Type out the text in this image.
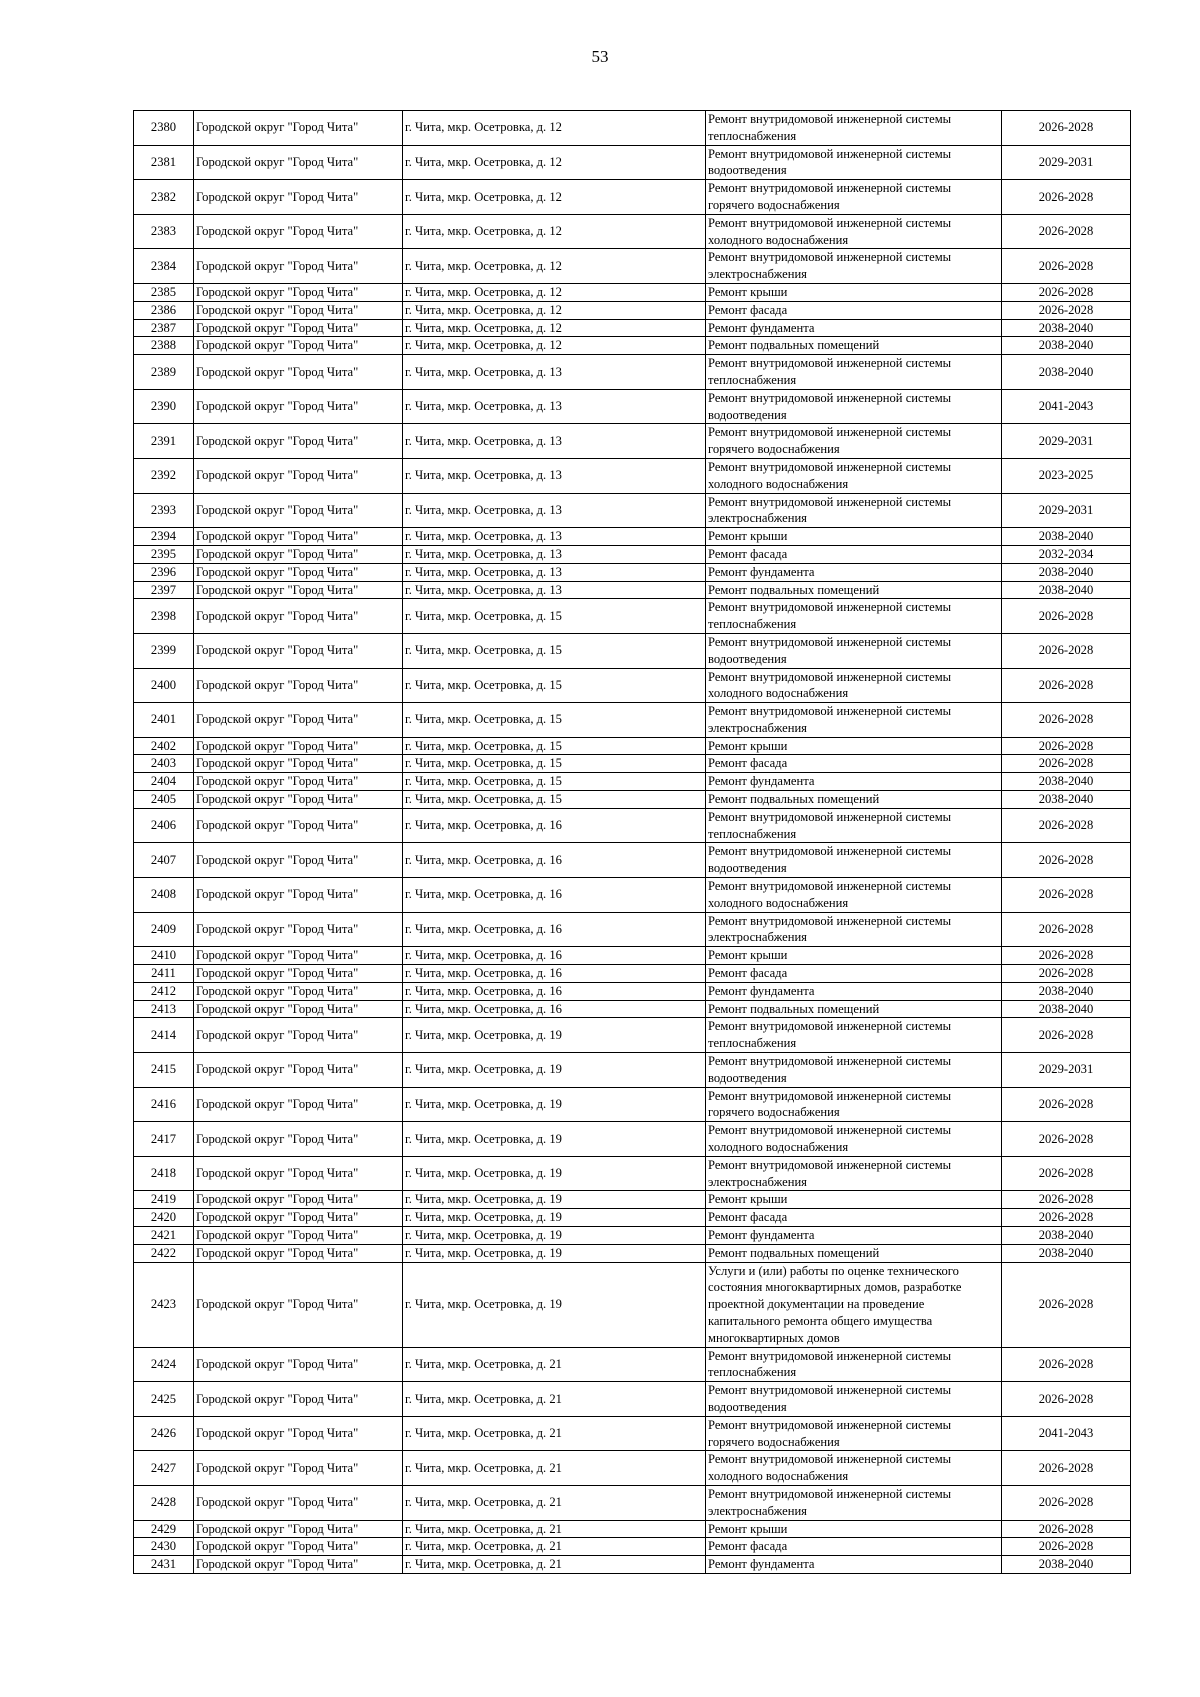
53
2380	Городской округ "Город Чита"	г. Чита, мкр. Осетровка, д. 12	Ремонт внутридомовой инженерной системы теплоснабжения	2026-2028
2381	Городской округ "Город Чита"	г. Чита, мкр. Осетровка, д. 12	Ремонт внутридомовой инженерной системы водоотведения	2029-2031
2382	Городской округ "Город Чита"	г. Чита, мкр. Осетровка, д. 12	Ремонт внутридомовой инженерной системы горячего водоснабжения	2026-2028
2383	Городской округ "Город Чита"	г. Чита, мкр. Осетровка, д. 12	Ремонт внутридомовой инженерной системы холодного водоснабжения	2026-2028
2384	Городской округ "Город Чита"	г. Чита, мкр. Осетровка, д. 12	Ремонт внутридомовой инженерной системы электроснабжения	2026-2028
2385	Городской округ "Город Чита"	г. Чита, мкр. Осетровка, д. 12	Ремонт крыши	2026-2028
2386	Городской округ "Город Чита"	г. Чита, мкр. Осетровка, д. 12	Ремонт фасада	2026-2028
2387	Городской округ "Город Чита"	г. Чита, мкр. Осетровка, д. 12	Ремонт фундамента	2038-2040
2388	Городской округ "Город Чита"	г. Чита, мкр. Осетровка, д. 12	Ремонт подвальных помещений	2038-2040
2389	Городской округ "Город Чита"	г. Чита, мкр. Осетровка, д. 13	Ремонт внутридомовой инженерной системы теплоснабжения	2038-2040
2390	Городской округ "Город Чита"	г. Чита, мкр. Осетровка, д. 13	Ремонт внутридомовой инженерной системы водоотведения	2041-2043
2391	Городской округ "Город Чита"	г. Чита, мкр. Осетровка, д. 13	Ремонт внутридомовой инженерной системы горячего водоснабжения	2029-2031
2392	Городской округ "Город Чита"	г. Чита, мкр. Осетровка, д. 13	Ремонт внутридомовой инженерной системы холодного водоснабжения	2023-2025
2393	Городской округ "Город Чита"	г. Чита, мкр. Осетровка, д. 13	Ремонт внутридомовой инженерной системы электроснабжения	2029-2031
2394	Городской округ "Город Чита"	г. Чита, мкр. Осетровка, д. 13	Ремонт крыши	2038-2040
2395	Городской округ "Город Чита"	г. Чита, мкр. Осетровка, д. 13	Ремонт фасада	2032-2034
2396	Городской округ "Город Чита"	г. Чита, мкр. Осетровка, д. 13	Ремонт фундамента	2038-2040
2397	Городской округ "Город Чита"	г. Чита, мкр. Осетровка, д. 13	Ремонт подвальных помещений	2038-2040
2398	Городской округ "Город Чита"	г. Чита, мкр. Осетровка, д. 15	Ремонт внутридомовой инженерной системы теплоснабжения	2026-2028
2399	Городской округ "Город Чита"	г. Чита, мкр. Осетровка, д. 15	Ремонт внутридомовой инженерной системы водоотведения	2026-2028
2400	Городской округ "Город Чита"	г. Чита, мкр. Осетровка, д. 15	Ремонт внутридомовой инженерной системы холодного водоснабжения	2026-2028
2401	Городской округ "Город Чита"	г. Чита, мкр. Осетровка, д. 15	Ремонт внутридомовой инженерной системы электроснабжения	2026-2028
2402	Городской округ "Город Чита"	г. Чита, мкр. Осетровка, д. 15	Ремонт крыши	2026-2028
2403	Городской округ "Город Чита"	г. Чита, мкр. Осетровка, д. 15	Ремонт фасада	2026-2028
2404	Городской округ "Город Чита"	г. Чита, мкр. Осетровка, д. 15	Ремонт фундамента	2038-2040
2405	Городской округ "Город Чита"	г. Чита, мкр. Осетровка, д. 15	Ремонт подвальных помещений	2038-2040
2406	Городской округ "Город Чита"	г. Чита, мкр. Осетровка, д. 16	Ремонт внутридомовой инженерной системы теплоснабжения	2026-2028
2407	Городской округ "Город Чита"	г. Чита, мкр. Осетровка, д. 16	Ремонт внутридомовой инженерной системы водоотведения	2026-2028
2408	Городской округ "Город Чита"	г. Чита, мкр. Осетровка, д. 16	Ремонт внутридомовой инженерной системы холодного водоснабжения	2026-2028
2409	Городской округ "Город Чита"	г. Чита, мкр. Осетровка, д. 16	Ремонт внутридомовой инженерной системы электроснабжения	2026-2028
2410	Городской округ "Город Чита"	г. Чита, мкр. Осетровка, д. 16	Ремонт крыши	2026-2028
2411	Городской округ "Город Чита"	г. Чита, мкр. Осетровка, д. 16	Ремонт фасада	2026-2028
2412	Городской округ "Город Чита"	г. Чита, мкр. Осетровка, д. 16	Ремонт фундамента	2038-2040
2413	Городской округ "Город Чита"	г. Чита, мкр. Осетровка, д. 16	Ремонт подвальных помещений	2038-2040
2414	Городской округ "Город Чита"	г. Чита, мкр. Осетровка, д. 19	Ремонт внутридомовой инженерной системы теплоснабжения	2026-2028
2415	Городской округ "Город Чита"	г. Чита, мкр. Осетровка, д. 19	Ремонт внутридомовой инженерной системы водоотведения	2029-2031
2416	Городской округ "Город Чита"	г. Чита, мкр. Осетровка, д. 19	Ремонт внутридомовой инженерной системы горячего водоснабжения	2026-2028
2417	Городской округ "Город Чита"	г. Чита, мкр. Осетровка, д. 19	Ремонт внутридомовой инженерной системы холодного водоснабжения	2026-2028
2418	Городской округ "Город Чита"	г. Чита, мкр. Осетровка, д. 19	Ремонт внутридомовой инженерной системы электроснабжения	2026-2028
2419	Городской округ "Город Чита"	г. Чита, мкр. Осетровка, д. 19	Ремонт крыши	2026-2028
2420	Городской округ "Город Чита"	г. Чита, мкр. Осетровка, д. 19	Ремонт фасада	2026-2028
2421	Городской округ "Город Чита"	г. Чита, мкр. Осетровка, д. 19	Ремонт фундамента	2038-2040
2422	Городской округ "Город Чита"	г. Чита, мкр. Осетровка, д. 19	Ремонт подвальных помещений	2038-2040
2423	Городской округ "Город Чита"	г. Чита, мкр. Осетровка, д. 19	Услуги и (или) работы по оценке технического состояния многоквартирных домов, разработке проектной документации на проведение капитального ремонта общего имущества многоквартирных домов	2026-2028
2424	Городской округ "Город Чита"	г. Чита, мкр. Осетровка, д. 21	Ремонт внутридомовой инженерной системы теплоснабжения	2026-2028
2425	Городской округ "Город Чита"	г. Чита, мкр. Осетровка, д. 21	Ремонт внутридомовой инженерной системы водоотведения	2026-2028
2426	Городской округ "Город Чита"	г. Чита, мкр. Осетровка, д. 21	Ремонт внутридомовой инженерной системы горячего водоснабжения	2041-2043
2427	Городской округ "Город Чита"	г. Чита, мкр. Осетровка, д. 21	Ремонт внутридомовой инженерной системы холодного водоснабжения	2026-2028
2428	Городской округ "Город Чита"	г. Чита, мкр. Осетровка, д. 21	Ремонт внутридомовой инженерной системы электроснабжения	2026-2028
2429	Городской округ "Город Чита"	г. Чита, мкр. Осетровка, д. 21	Ремонт крыши	2026-2028
2430	Городской округ "Город Чита"	г. Чита, мкр. Осетровка, д. 21	Ремонт фасада	2026-2028
2431	Городской округ "Город Чита"	г. Чита, мкр. Осетровка, д. 21	Ремонт фундамента	2038-2040
